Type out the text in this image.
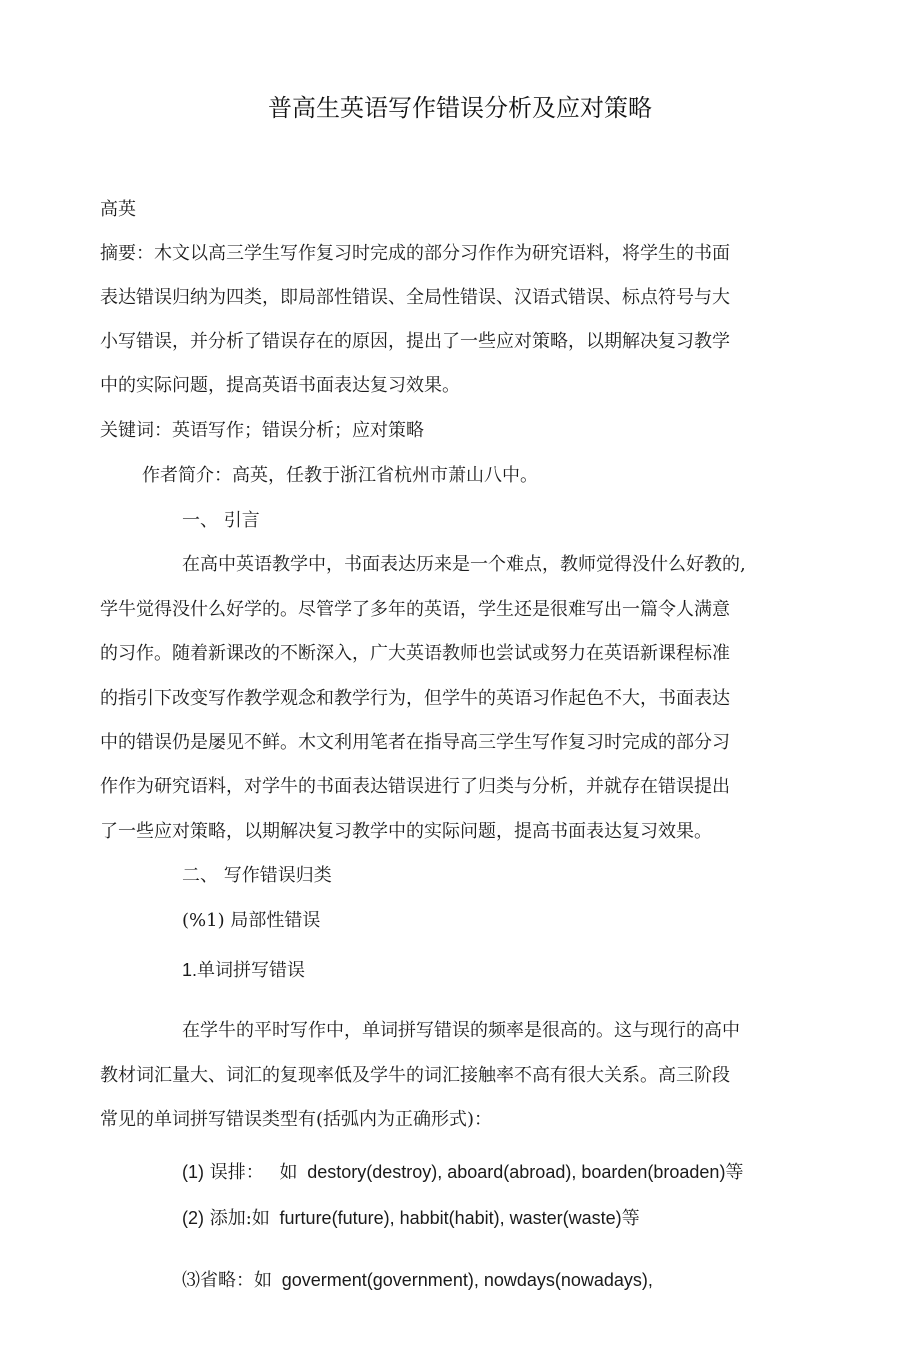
普高生英语写作错误分析及应对策略
高英
摘要：木文以高三学生写作复习时完成的部分习作作为研究语料，将学生的书面
表达错误归纳为四类，即局部性错误、全局性错误、汉语式错误、标点符号与大
小写错误，并分析了错误存在的原因，提出了一些应对策略，以期解决复习教学
中的实际问题，提高英语书面表达复习效果。
关键词：英语写作；错误分析；应对策略
作者简介：高英，任教于浙江省杭州市萧山八中。
一、 引言
在高中英语教学中，书面表达历来是一个难点，教师觉得没什么好教的,
学牛觉得没什么好学的。尽管学了多年的英语，学生还是很难写出一篇令人满意
的习作。随着新课改的不断深入，广大英语教师也尝试或努力在英语新课程标准
的指引下改变写作教学观念和教学行为，但学牛的英语习作起色不大，书面表达
中的错误仍是屡见不鲜。木文利用笔者在指导高三学生写作复习时完成的部分习
作作为研究语料，对学牛的书面表达错误进行了归类与分析，并就存在错误提出
了一些应对策略，以期解决复习教学中的实际问题，提高书面表达复习效果。
二、 写作错误归类
(%1) 局部性错误
1.单词拼写错误
在学牛的平时写作中，单词拼写错误的频率是很高的。这与现行的高中
教材词汇量大、词汇的复现率低及学牛的词汇接触率不高有很大关系。高三阶段
常见的单词拼写错误类型有(括弧内为正确形式)：
(1) 误排： 如 destory(destroy), aboard(abroad), boarden(broaden)等
(2) 添加:如 furture(future), habbit(habit), waster(waste)等
⑶省略：如 goverment(government), nowdays(nowadays),
